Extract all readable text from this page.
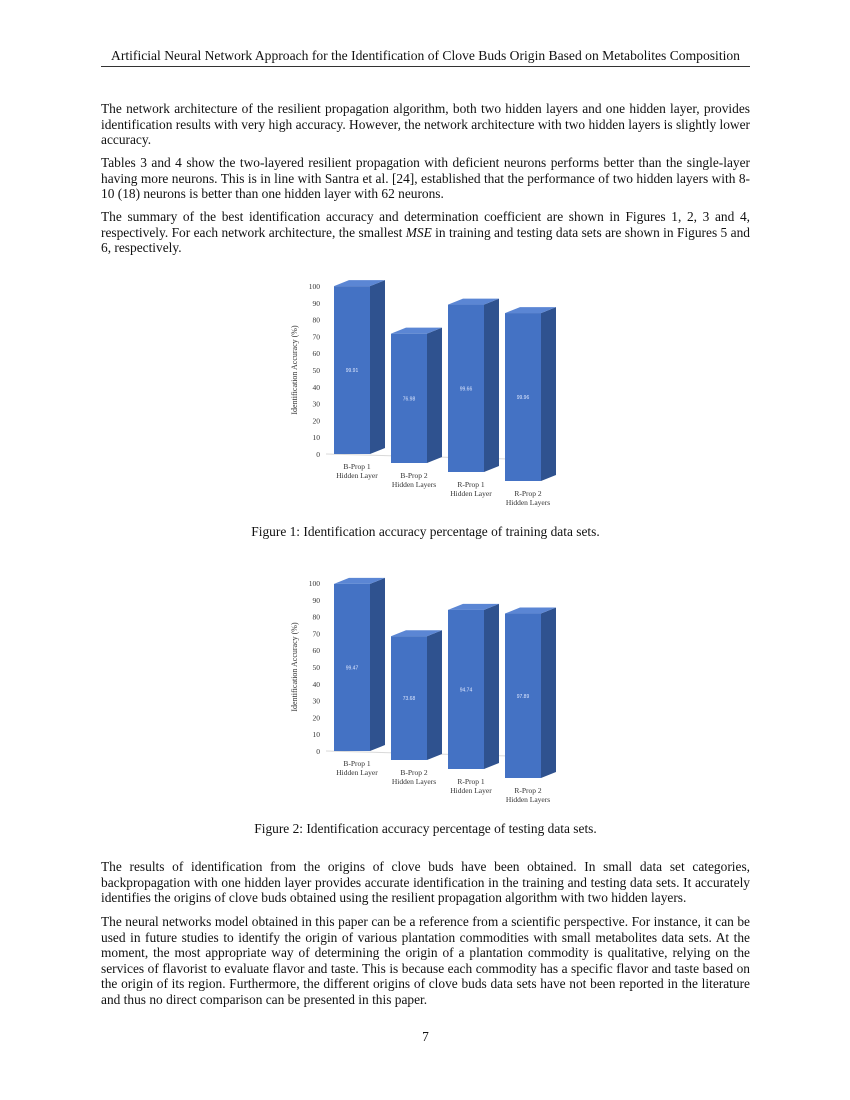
Artificial Neural Network Approach for the Identification of Clove Buds Origin Based on Metabolites Composition

The network architecture of the resilient propagation algorithm, both two hidden layers and one hidden layer, provides identification results with very high accuracy. However, the network architecture with two hidden layers is slightly lower accuracy.

Tables 3 and 4 show the two-layered resilient propagation with deficient neurons performs better than the single-layer having more neurons. This is in line with Santra et al. [24], established that the performance of two hidden layers with 8-10 (18) neurons is better than one hidden layer with 62 neurons.

The summary of the best identification accuracy and determination coefficient are shown in Figures 1, 2, 3 and 4, respectively. For each network architecture, the smallest MSE in training and testing data sets are shown in Figures 5 and 6, respectively.

0
10
20
30
40
50
60
70
80
90
100
Identification Accuracy (%)	99.91
B-Prop 1
Hidden Layer
76.98
B-Prop 2
Hidden Layers
99.66
R-Prop 1
Hidden Layer
99.96
R-Prop 2
Hidden Layers
Figure 1: Identification accuracy percentage of training data sets.
0
10
20
30
40
50
60
70
80
90
100
Identification Accuracy (%)	99.47
B-Prop 1
Hidden Layer
73.68
B-Prop 2
Hidden Layers
94.74
R-Prop 1
Hidden Layer
97.89
R-Prop 2
Hidden Layers
Figure 2: Identification accuracy percentage of testing data sets.

The results of identification from the origins of clove buds have been obtained. In small data set categories, backpropagation with one hidden layer provides accurate identification in the training and testing data sets. It accurately identifies the origins of clove buds obtained using the resilient propagation algorithm with two hidden layers.

The neural networks model obtained in this paper can be a reference from a scientific perspective. For instance, it can be used in future studies to identify the origin of various plantation commodities with small metabolites data sets. At the moment, the most appropriate way of determining the origin of a plantation commodity is qualitative, relying on the services of flavorist to evaluate flavor and taste. This is because each commodity has a specific flavor and taste based on the origin of its region. Furthermore, the different origins of clove buds data sets have not been reported in the literature and thus no direct comparison can be presented in this paper.

7
